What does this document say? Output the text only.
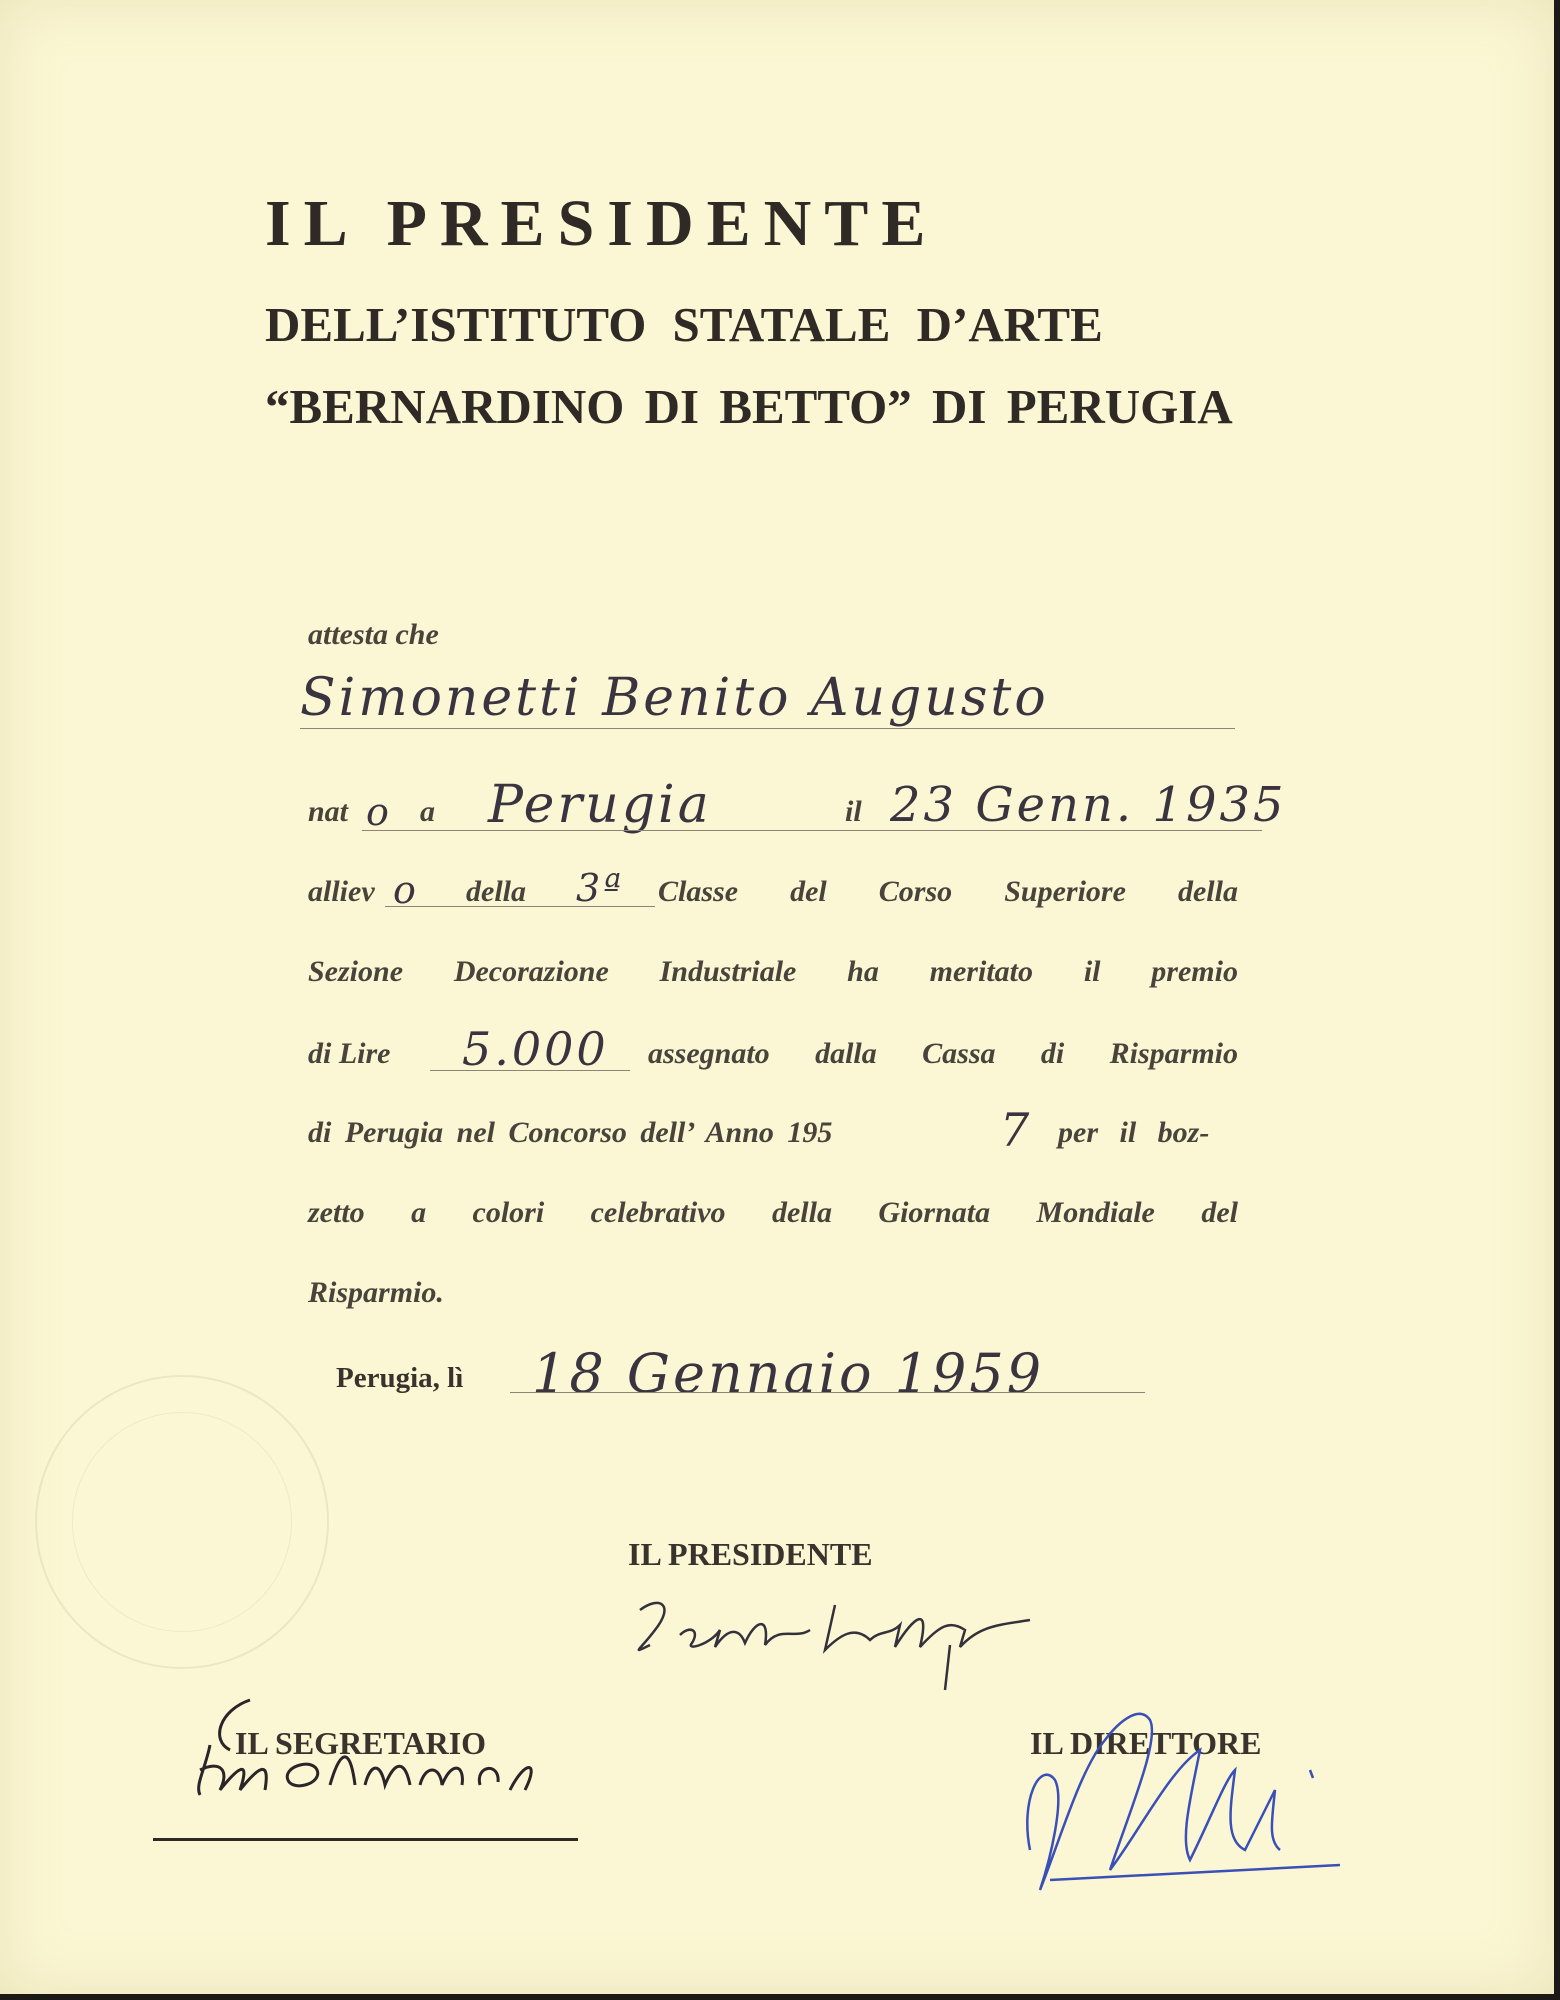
IL PRESIDENTE
DELL’ISTITUTO STATALE D’ARTE
“BERNARDINO DI BETTO” DI PERUGIA
attesta che
Simonetti Benito Augusto
nat o a Perugia	il 23 Genn. 1935
alliev o della 3ª Classe del Corso Superiore della
Sezione Decorazione Industriale ha meritato il premio
di Lire 5.000 assegnato dalla Cassa di Risparmio
di Perugia nel Concorso dell’ Anno 195	7 per il boz-
zetto a colori celebrativo della Giornata Mondiale del
Risparmio.
Perugia, lì 18 Gennaio 1959
IL PRESIDENTE
IL SEGRETARIO	IL DIRETTORE
